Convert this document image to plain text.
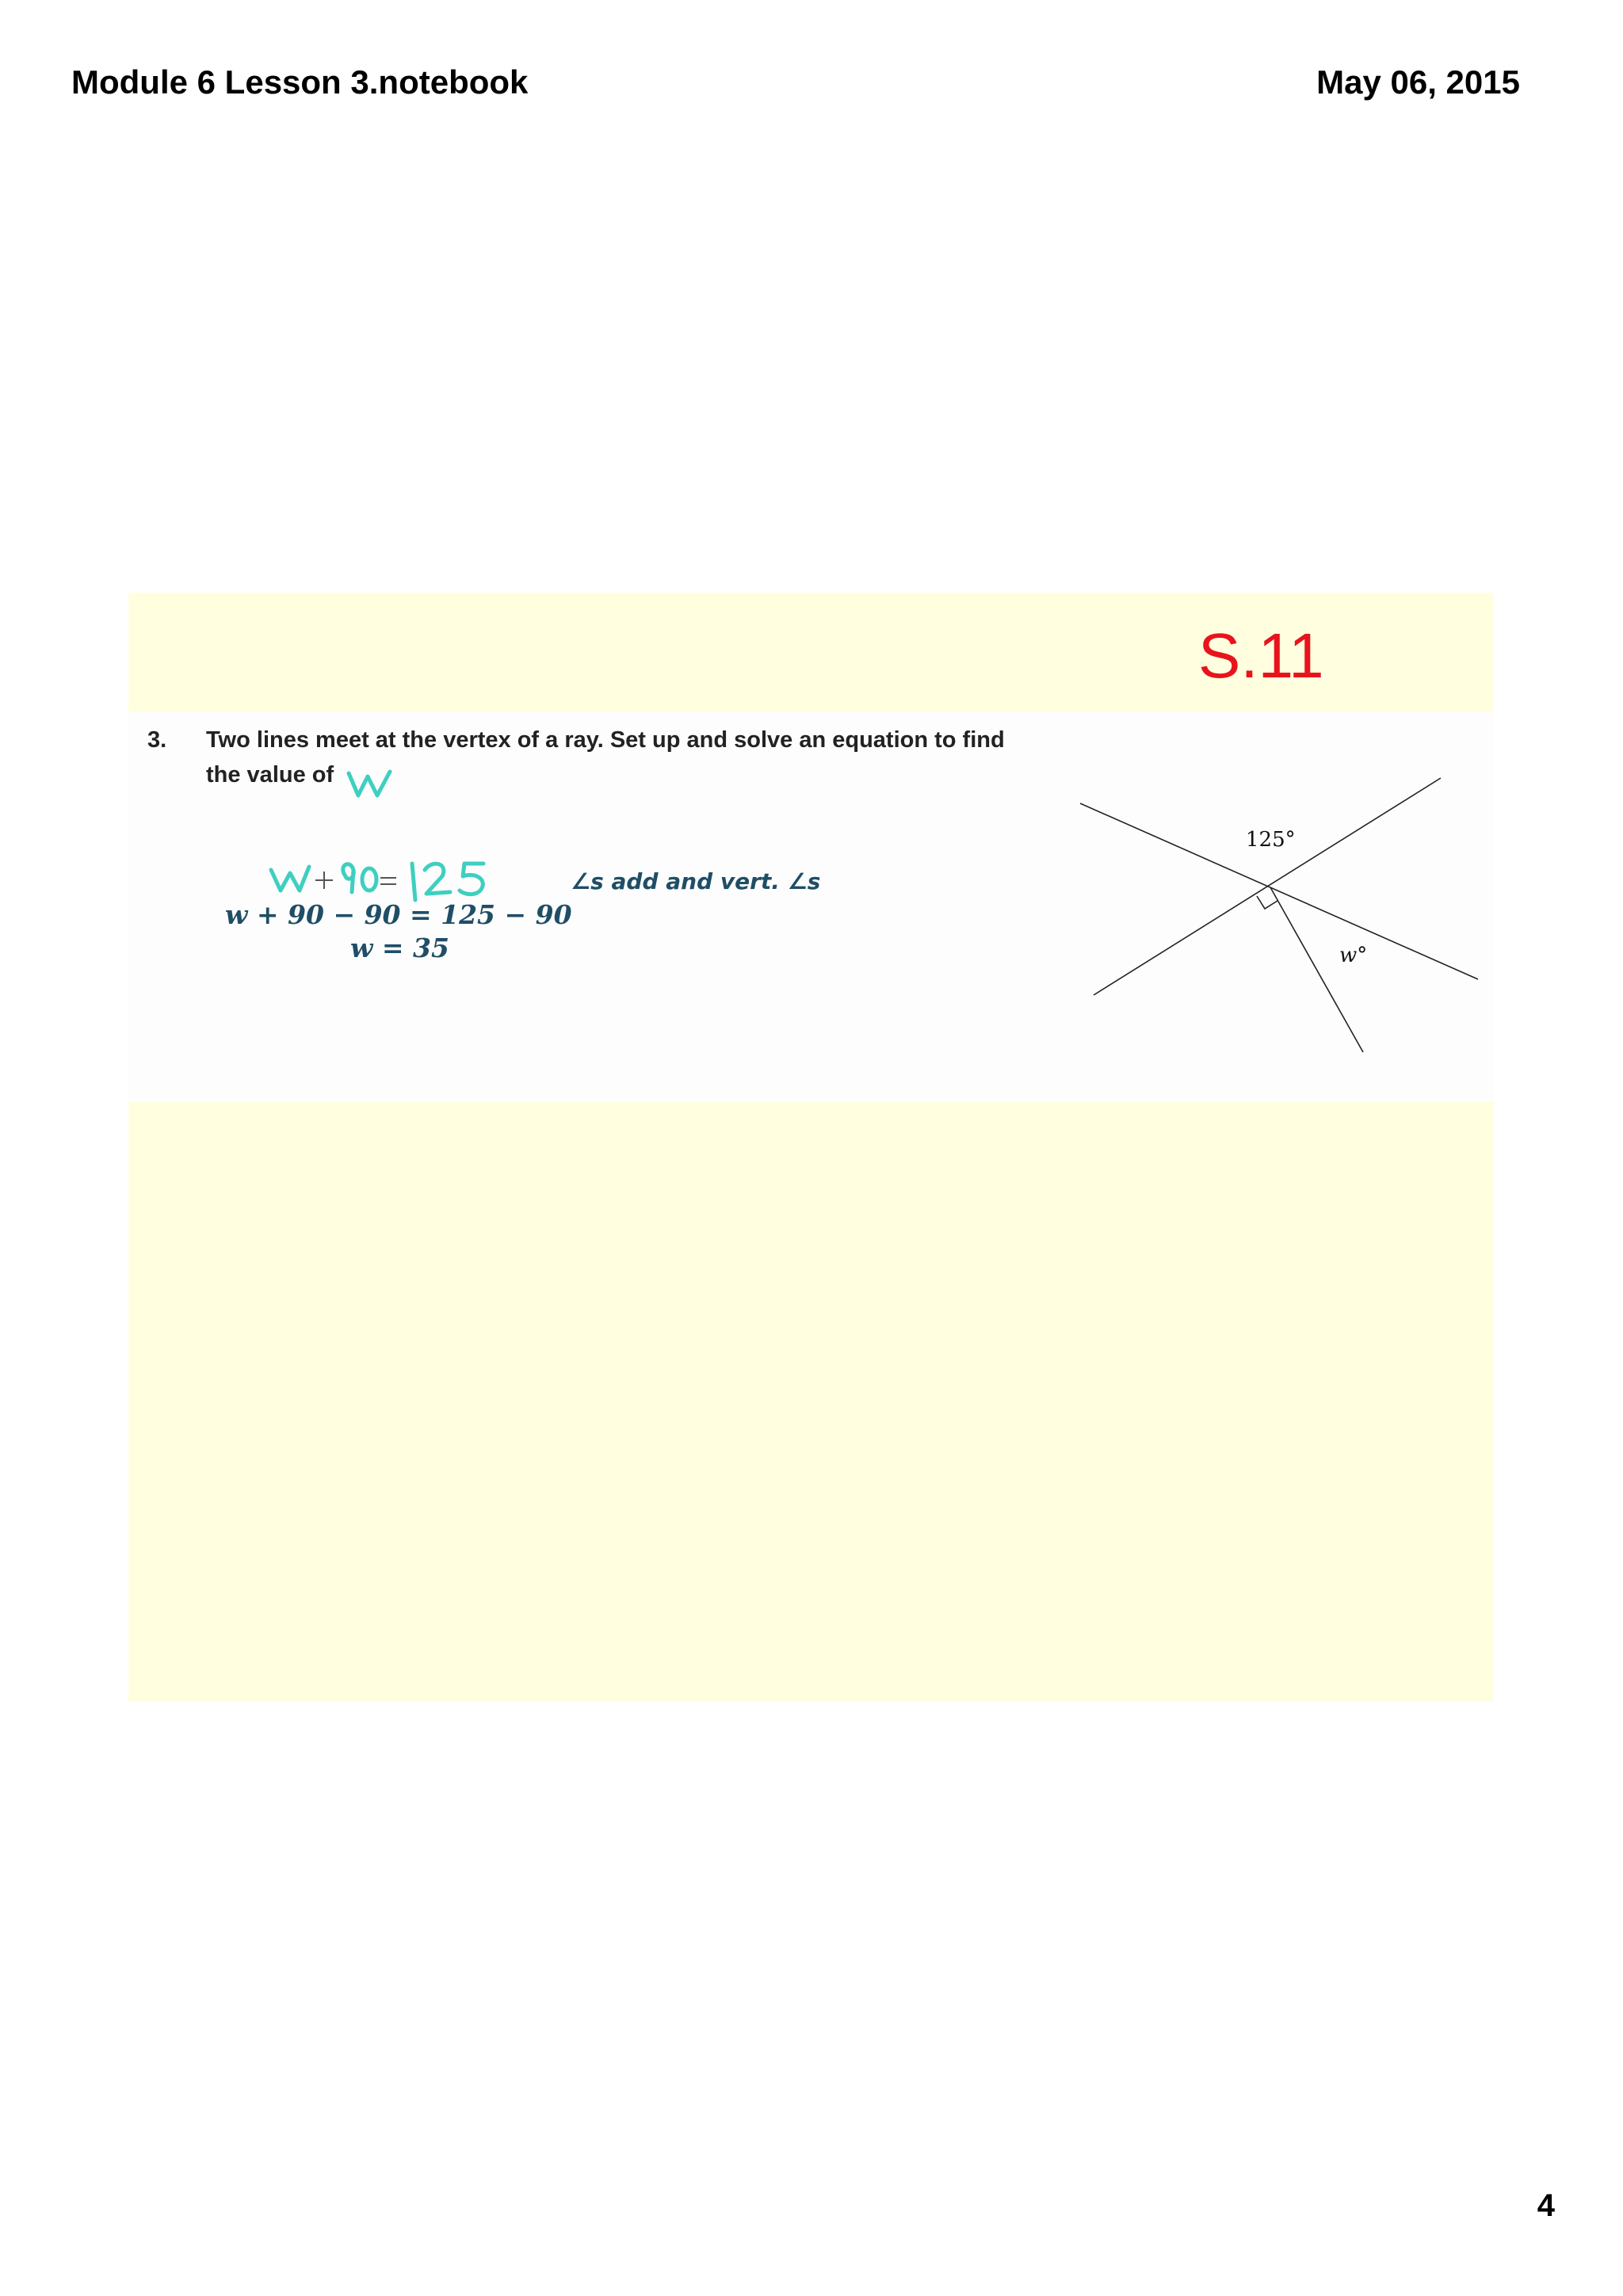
Module 6 Lesson 3.notebook	May 06, 2015
S.11
3. Two lines meet at the vertex of a ray. Set up and solve an equation to find
the value of
w + 90 − 90 = 125 − 90
w = 35
∠s add and vert. ∠s
125°
w°
4
